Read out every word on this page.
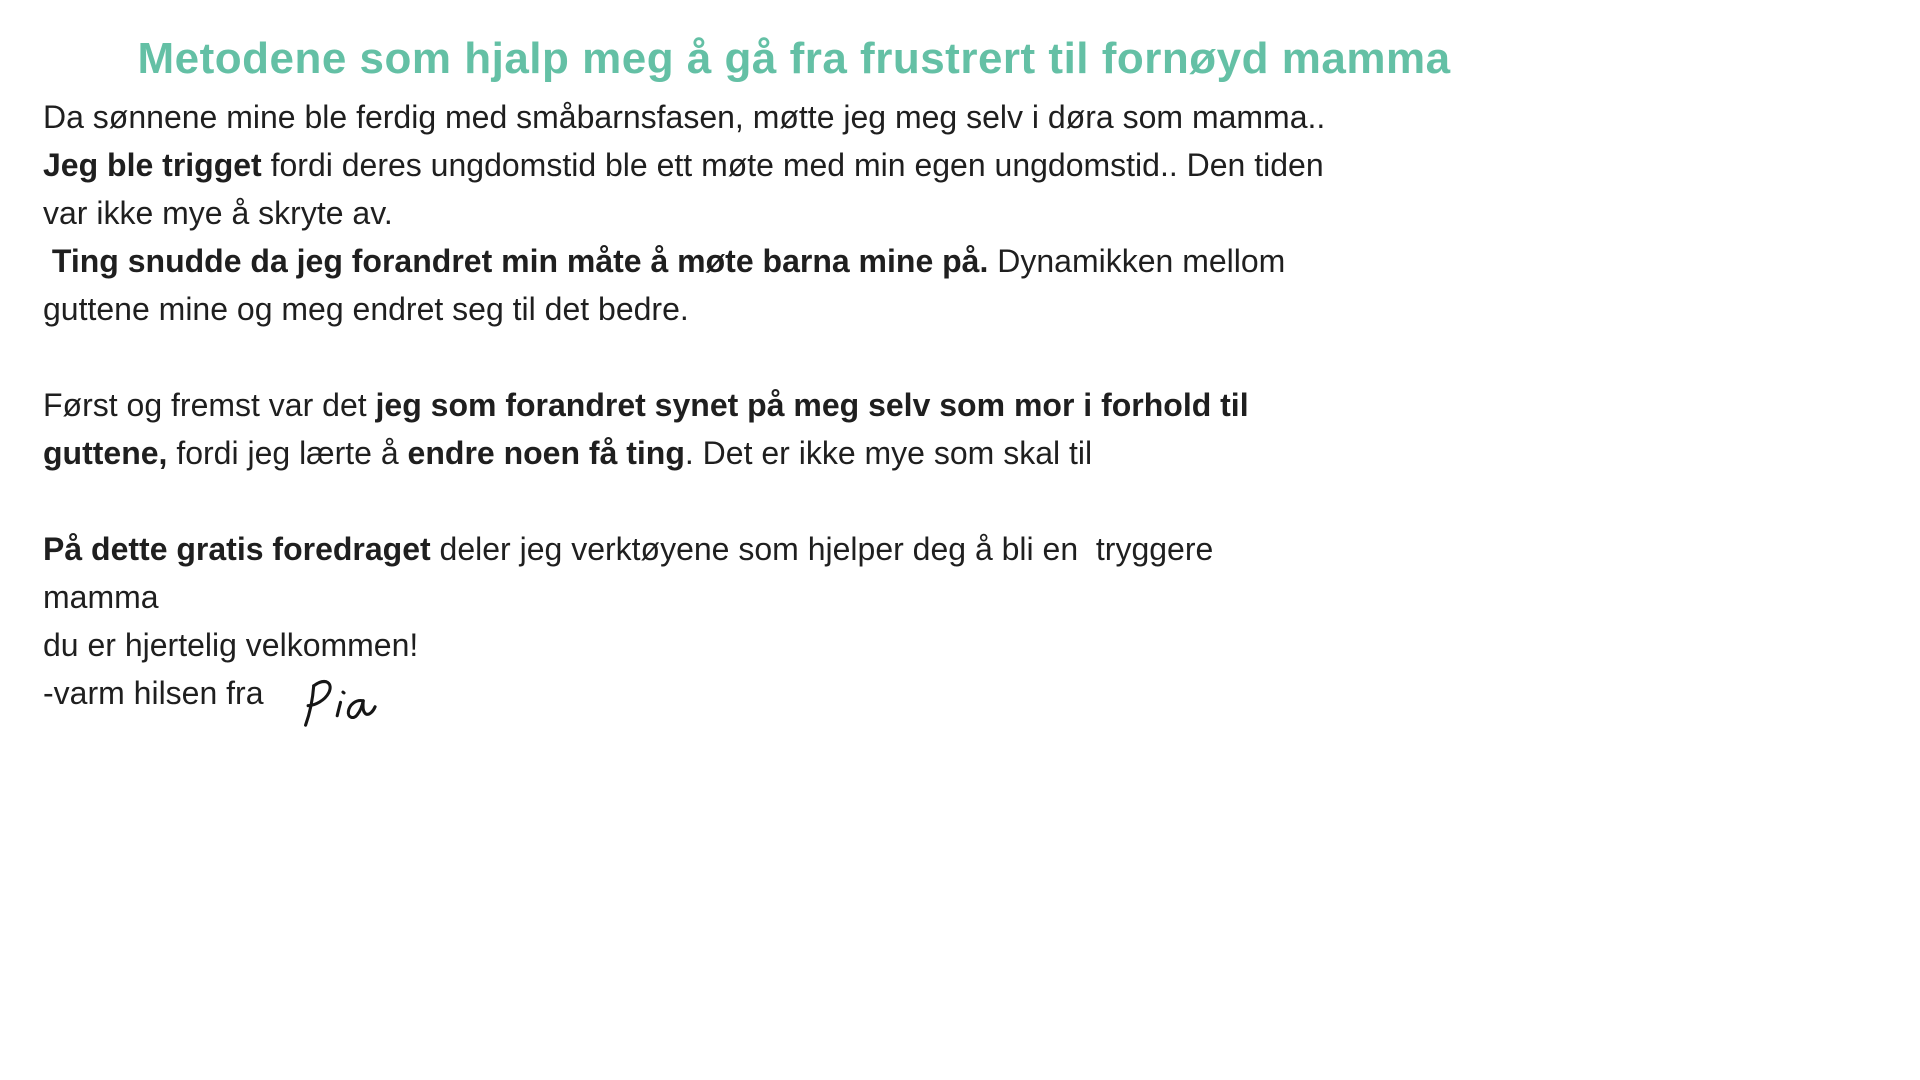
Metodene som hjalp meg å gå fra frustrert til fornøyd mamma
Da sønnene mine ble ferdig med småbarnsfasen, møtte jeg meg selv i døra som mamma..
Jeg ble trigget fordi deres ungdomstid ble ett møte med min egen ungdomstid.. Den tiden
var ikke mye å skryte av.
Ting snudde da jeg forandret min måte å møte barna mine på. Dynamikken mellom
guttene mine og meg endret seg til det bedre.
Først og fremst var det jeg som forandret synet på meg selv som mor i forhold til
guttene, fordi jeg lærte å endre noen få ting. Det er ikke mye som skal til
På dette gratis foredraget deler jeg verktøyene som hjelper deg å bli en  tryggere
mamma
du er hjertelig velkommen!
-varm hilsen fra
